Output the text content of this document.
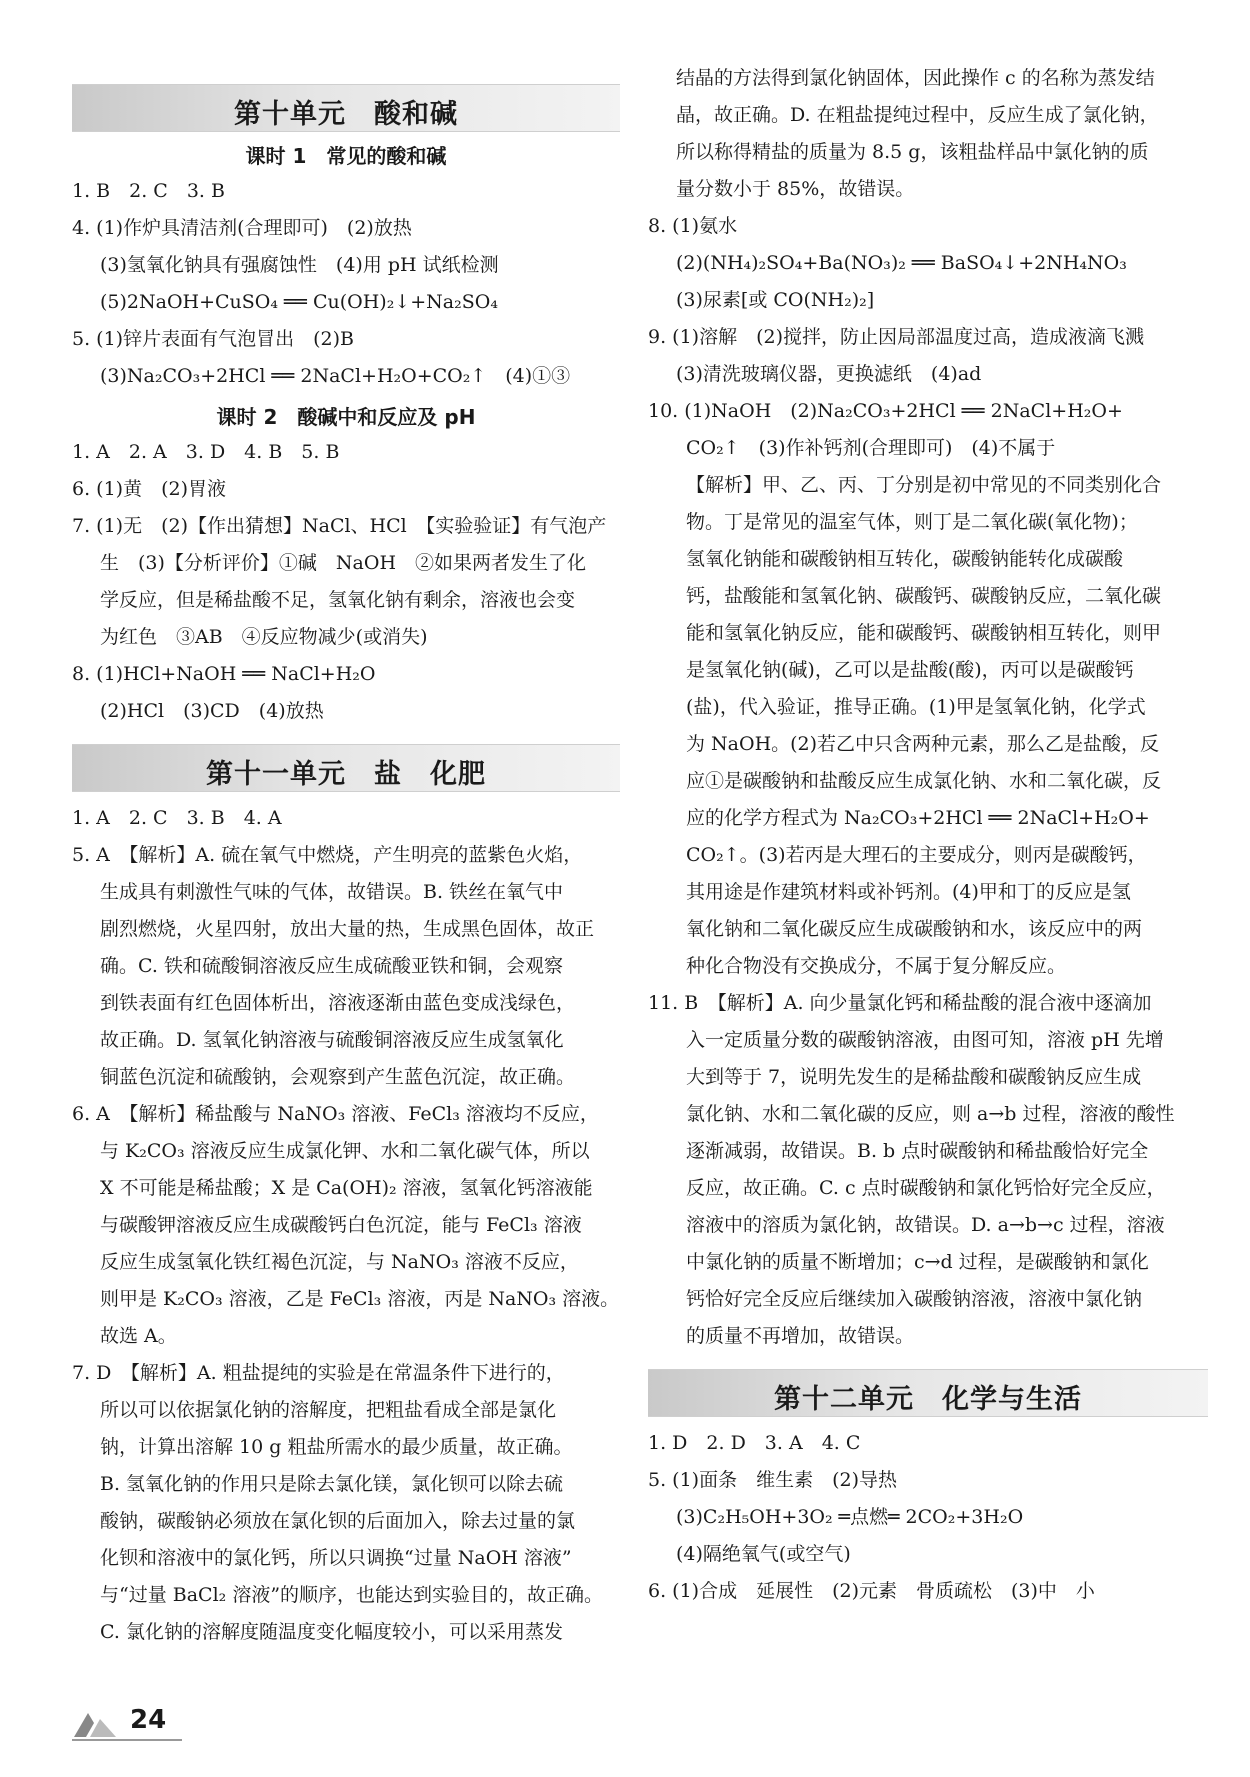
第十单元　酸和碱
课时 1　常见的酸和碱
1. B　2. C　3. B
4. (1)作炉具清洁剂(合理即可)　(2)放热
(3)氢氧化钠具有强腐蚀性　(4)用 pH 试纸检测
(5)2NaOH+CuSO₄ ══ Cu(OH)₂↓+Na₂SO₄
5. (1)锌片表面有气泡冒出　(2)B
(3)Na₂CO₃+2HCl ══ 2NaCl+H₂O+CO₂↑　(4)①③
课时 2　酸碱中和反应及 pH
1. A　2. A　3. D　4. B　5. B
6. (1)黄　(2)胃液
7. (1)无　(2)【作出猜想】NaCl、HCl　【实验验证】有气泡产
生　(3)【分析评价】①碱　NaOH　②如果两者发生了化
学反应，但是稀盐酸不足，氢氧化钠有剩余，溶液也会变
为红色　③AB　④反应物减少(或消失)
8. (1)HCl+NaOH ══ NaCl+H₂O
(2)HCl　(3)CD　(4)放热
第十一单元　盐　化肥
1. A　2. C　3. B　4. A
5. A　【解析】A. 硫在氧气中燃烧，产生明亮的蓝紫色火焰，
生成具有刺激性气味的气体，故错误。B. 铁丝在氧气中
剧烈燃烧，火星四射，放出大量的热，生成黑色固体，故正
确。C. 铁和硫酸铜溶液反应生成硫酸亚铁和铜，会观察
到铁表面有红色固体析出，溶液逐渐由蓝色变成浅绿色，
故正确。D. 氢氧化钠溶液与硫酸铜溶液反应生成氢氧化
铜蓝色沉淀和硫酸钠，会观察到产生蓝色沉淀，故正确。
6. A　【解析】稀盐酸与 NaNO₃ 溶液、FeCl₃ 溶液均不反应，
与 K₂CO₃ 溶液反应生成氯化钾、水和二氧化碳气体，所以
X 不可能是稀盐酸；X 是 Ca(OH)₂ 溶液，氢氧化钙溶液能
与碳酸钾溶液反应生成碳酸钙白色沉淀，能与 FeCl₃ 溶液
反应生成氢氧化铁红褐色沉淀，与 NaNO₃ 溶液不反应，
则甲是 K₂CO₃ 溶液，乙是 FeCl₃ 溶液，丙是 NaNO₃ 溶液。
故选 A。
7. D　【解析】A. 粗盐提纯的实验是在常温条件下进行的，
所以可以依据氯化钠的溶解度，把粗盐看成全部是氯化
钠，计算出溶解 10 g 粗盐所需水的最少质量，故正确。
B. 氢氧化钠的作用只是除去氯化镁，氯化钡可以除去硫
酸钠，碳酸钠必须放在氯化钡的后面加入，除去过量的氯
化钡和溶液中的氯化钙，所以只调换“过量 NaOH 溶液”
与“过量 BaCl₂ 溶液”的顺序，也能达到实验目的，故正确。
C. 氯化钠的溶解度随温度变化幅度较小，可以采用蒸发
结晶的方法得到氯化钠固体，因此操作 c 的名称为蒸发结
晶，故正确。D. 在粗盐提纯过程中，反应生成了氯化钠，
所以称得精盐的质量为 8.5 g，该粗盐样品中氯化钠的质
量分数小于 85%，故错误。
8. (1)氨水
(2)(NH₄)₂SO₄+Ba(NO₃)₂ ══ BaSO₄↓+2NH₄NO₃
(3)尿素[或 CO(NH₂)₂]
9. (1)溶解　(2)搅拌，防止因局部温度过高，造成液滴飞溅
(3)清洗玻璃仪器，更换滤纸　(4)ad
10. (1)NaOH　(2)Na₂CO₃+2HCl ══ 2NaCl+H₂O+
CO₂↑　(3)作补钙剂(合理即可)　(4)不属于
【解析】甲、乙、丙、丁分别是初中常见的不同类别化合
物。丁是常见的温室气体，则丁是二氧化碳(氧化物)；
氢氧化钠能和碳酸钠相互转化，碳酸钠能转化成碳酸
钙，盐酸能和氢氧化钠、碳酸钙、碳酸钠反应，二氧化碳
能和氢氧化钠反应，能和碳酸钙、碳酸钠相互转化，则甲
是氢氧化钠(碱)，乙可以是盐酸(酸)，丙可以是碳酸钙
(盐)，代入验证，推导正确。(1)甲是氢氧化钠，化学式
为 NaOH。(2)若乙中只含两种元素，那么乙是盐酸，反
应①是碳酸钠和盐酸反应生成氯化钠、水和二氧化碳，反
应的化学方程式为 Na₂CO₃+2HCl ══ 2NaCl+H₂O+
CO₂↑。(3)若丙是大理石的主要成分，则丙是碳酸钙，
其用途是作建筑材料或补钙剂。(4)甲和丁的反应是氢
氧化钠和二氧化碳反应生成碳酸钠和水，该反应中的两
种化合物没有交换成分，不属于复分解反应。
11. B　【解析】A. 向少量氯化钙和稀盐酸的混合液中逐滴加
入一定质量分数的碳酸钠溶液，由图可知，溶液 pH 先增
大到等于 7，说明先发生的是稀盐酸和碳酸钠反应生成
氯化钠、水和二氧化碳的反应，则 a→b 过程，溶液的酸性
逐渐减弱，故错误。B. b 点时碳酸钠和稀盐酸恰好完全
反应，故正确。C. c 点时碳酸钠和氯化钙恰好完全反应，
溶液中的溶质为氯化钠，故错误。D. a→b→c 过程，溶液
中氯化钠的质量不断增加；c→d 过程，是碳酸钠和氯化
钙恰好完全反应后继续加入碳酸钠溶液，溶液中氯化钠
的质量不再增加，故错误。
第十二单元　化学与生活
1. D　2. D　3. A　4. C
5. (1)面条　维生素　(2)导热
(3)C₂H₅OH+3O₂ ═点燃═ 2CO₂+3H₂O
(4)隔绝氧气(或空气)
6. (1)合成　延展性　(2)元素　骨质疏松　(3)中　小
24
